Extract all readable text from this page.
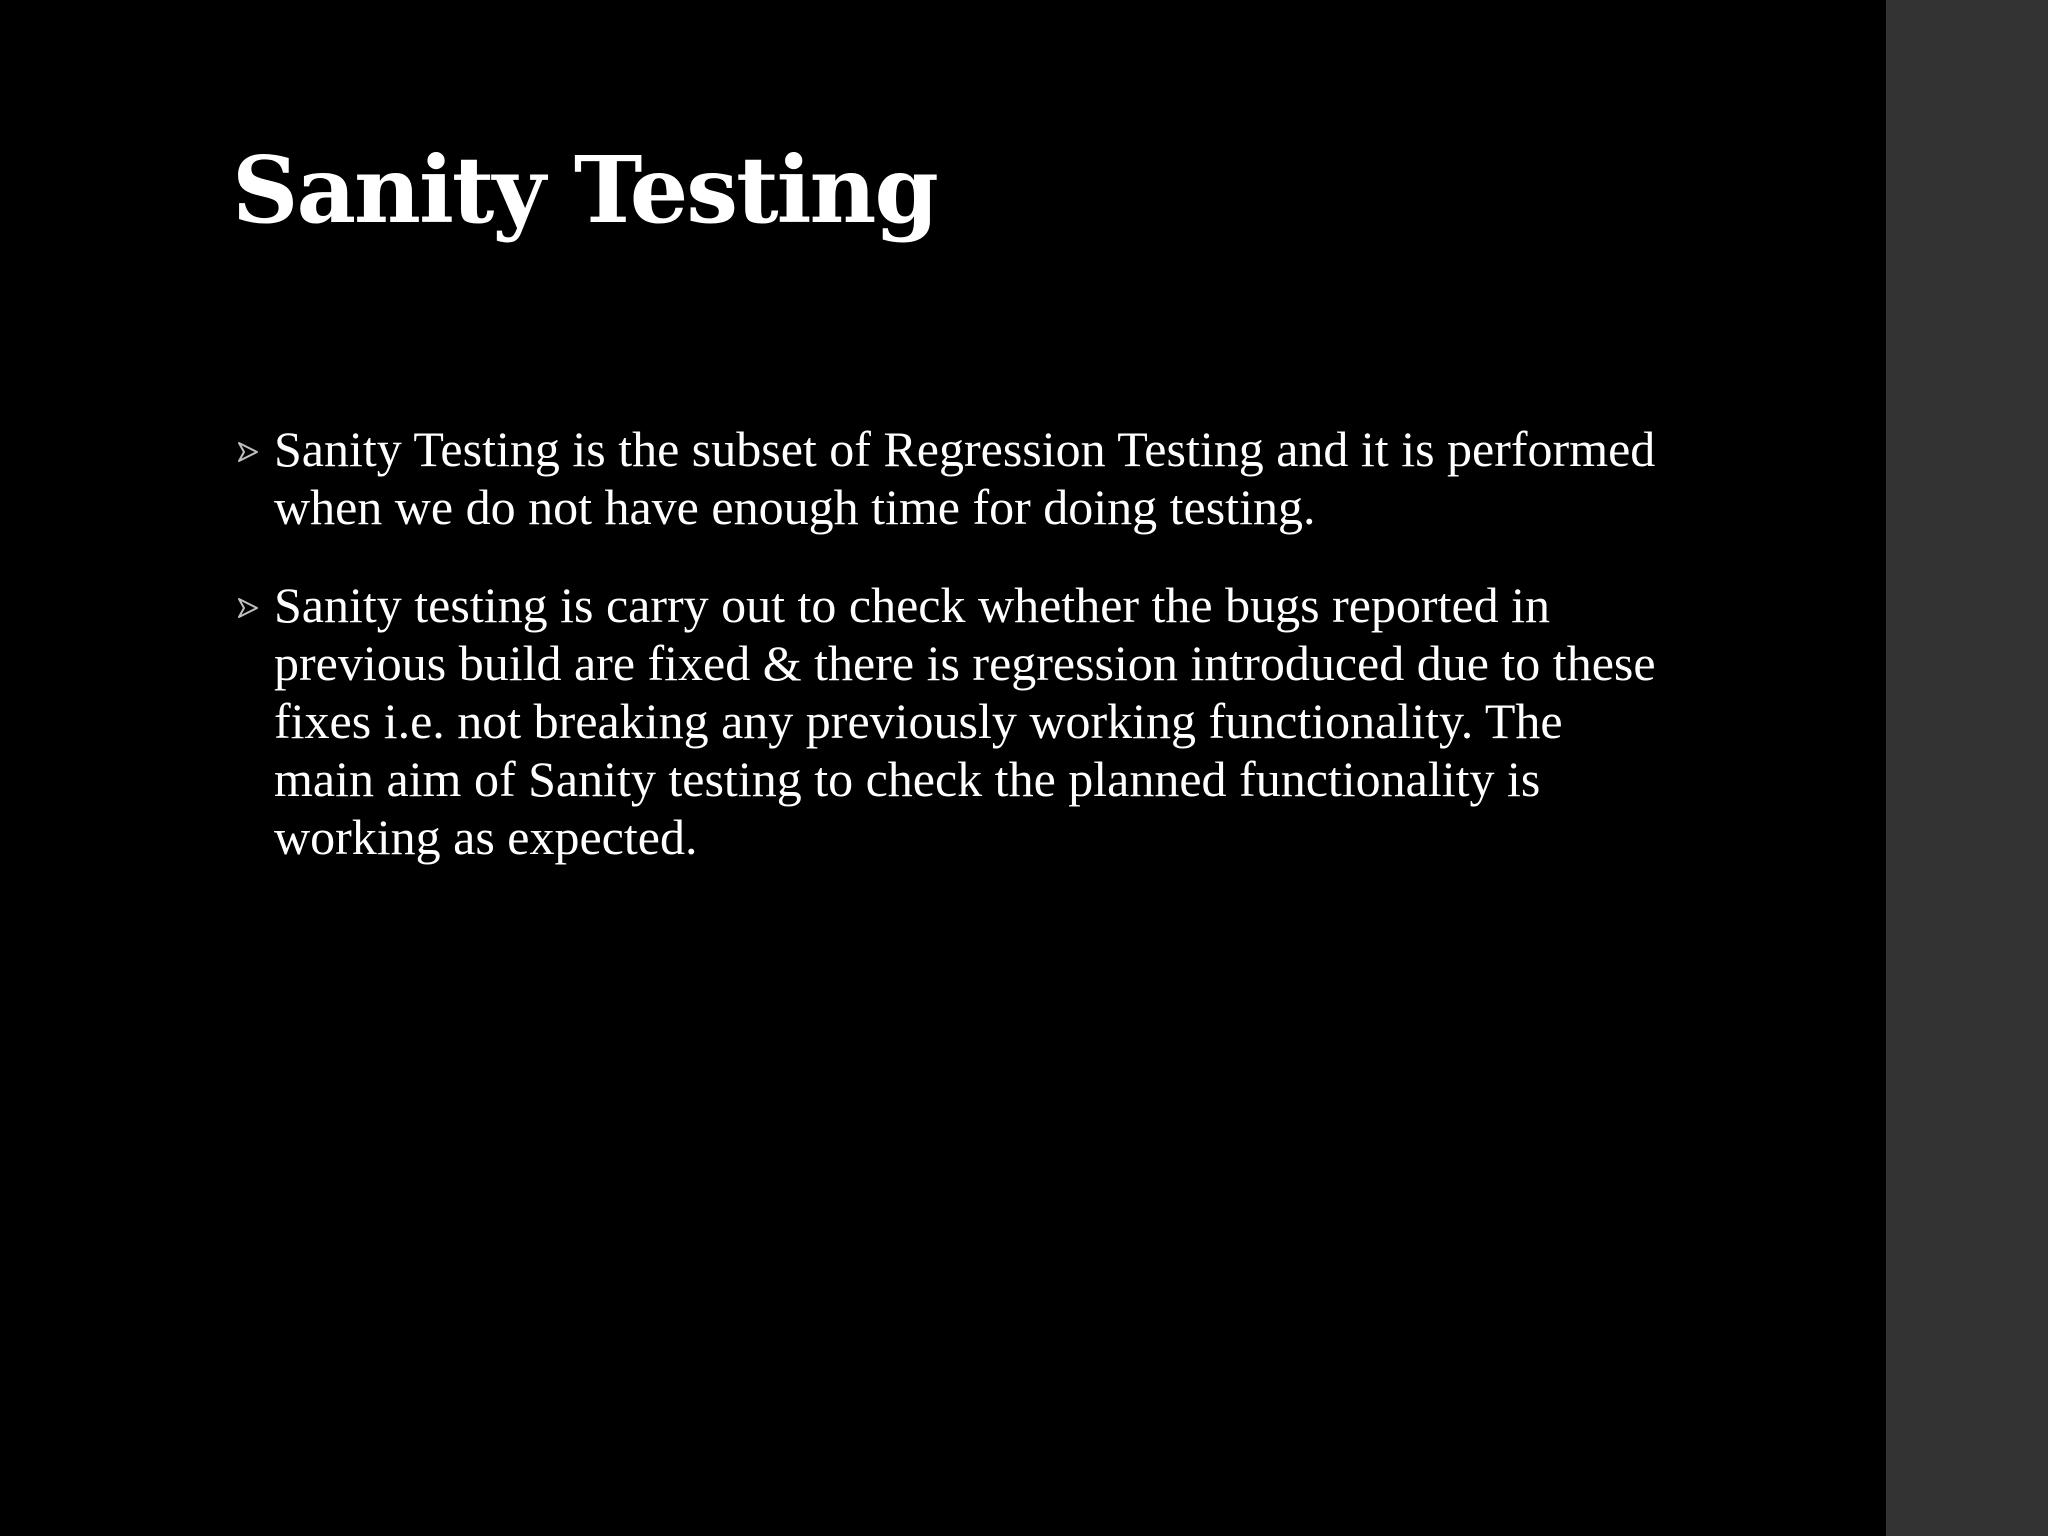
Sanity Testing
Sanity Testing is the subset of Regression Testing and it is performed when we do not have enough time for doing testing.
Sanity testing is carry out to check whether the bugs reported in previous build are fixed & there is regression introduced due to these fixes i.e. not breaking any previously working functionality. The main aim of Sanity testing to check the planned functionality is working as expected.
